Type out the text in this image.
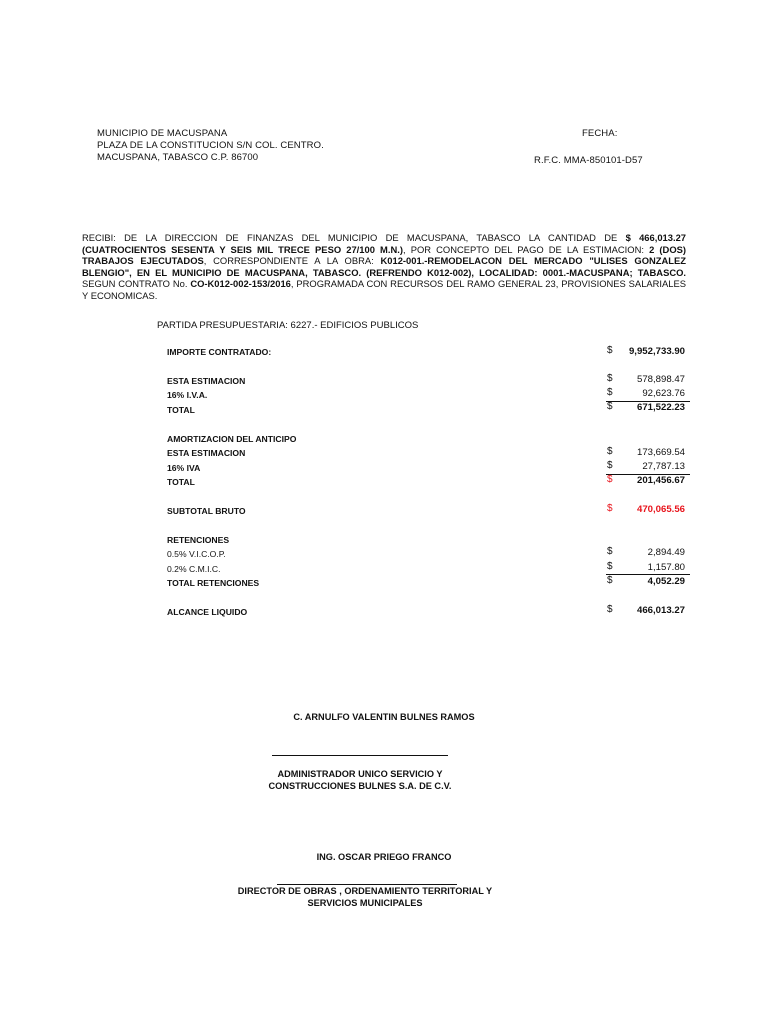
MUNICIPIO DE MACUSPANA
PLAZA DE LA CONSTITUCION S/N COL. CENTRO.
MACUSPANA, TABASCO C.P. 86700
FECHA:
R.F.C. MMA-850101-D57
RECIBI: DE LA DIRECCION DE FINANZAS DEL MUNICIPIO DE MACUSPANA, TABASCO LA CANTIDAD DE $ 466,013.27 (CUATROCIENTOS SESENTA Y SEIS MIL TRECE PESO 27/100 M.N.), POR CONCEPTO DEL PAGO DE LA ESTIMACION: 2 (DOS) TRABAJOS EJECUTADOS, CORRESPONDIENTE A LA OBRA: K012-001.-REMODELACON DEL MERCADO "ULISES GONZALEZ BLENGIO", EN EL MUNICIPIO DE MACUSPANA, TABASCO. (REFRENDO K012-002), LOCALIDAD: 0001.-MACUSPANA; TABASCO. SEGUN CONTRATO No. CO-K012-002-153/2016, PROGRAMADA CON RECURSOS DEL RAMO GENERAL 23, PROVISIONES SALARIALES Y ECONOMICAS.
PARTIDA PRESUPUESTARIA: 6227.- EDIFICIOS PUBLICOS
IMPORTE CONTRATADO:	$	9,952,733.90
ESTA ESTIMACION	$	578,898.47
16% I.V.A.	$	92,623.76
TOTAL	$	671,522.23
AMORTIZACION DEL ANTICIPO
ESTA ESTIMACION	$	173,669.54
16% IVA	$	27,787.13
TOTAL	$	201,456.67
SUBTOTAL BRUTO	$	470,065.56
RETENCIONES
0.5% V.I.C.O.P.	$	2,894.49
0.2% C.M.I.C.	$	1,157.80
TOTAL RETENCIONES	$	4,052.29
ALCANCE LIQUIDO	$	466,013.27
C. ARNULFO VALENTIN BULNES RAMOS
ADMINISTRADOR UNICO SERVICIO Y
CONSTRUCCIONES BULNES S.A. DE C.V.
ING. OSCAR PRIEGO FRANCO
DIRECTOR DE OBRAS , ORDENAMIENTO TERRITORIAL Y
SERVICIOS MUNICIPALES
